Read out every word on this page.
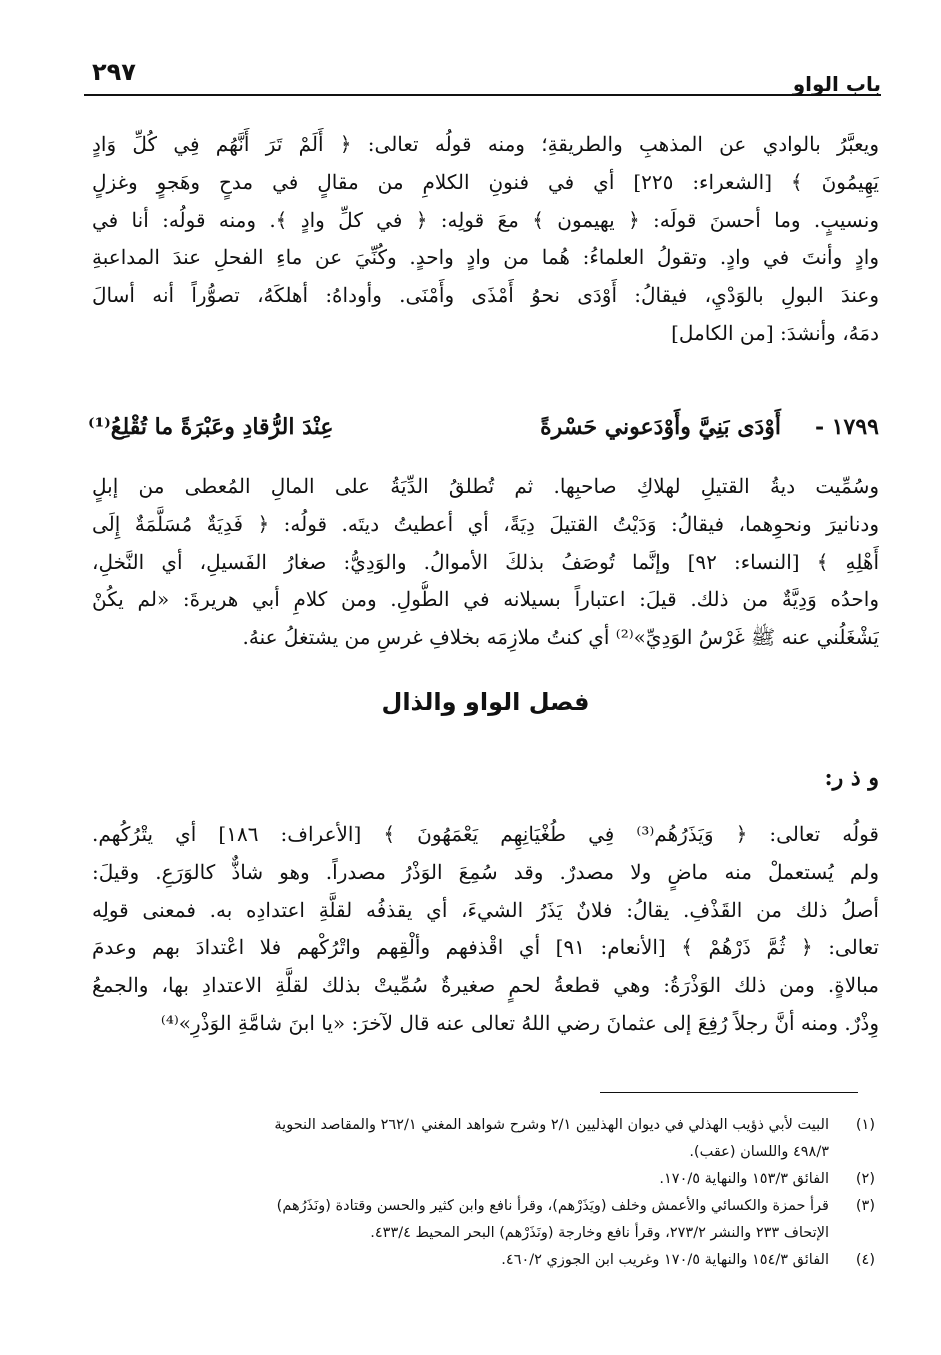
باب الواو
٢٩٧
ويعبَّرُ بالوادي عن المذهبِ والطريقةِ؛ ومنه قولُه تعالى: ﴿ أَلَمْ تَرَ أَنَّهُم فِي كُلِّ وَادٍ
يَهِيمُونَ ﴾ [الشعراء: ٢٢٥] أي في فنونِ الكلامِ من مقالٍ في مدحٍ وهَجوٍ وغزلٍ
ونسيبٍ. وما أحسنَ قولَه: ﴿ يهيمون ﴾ معَ قولِه: ﴿ في كلِّ وادٍ ﴾. ومنه قولُه: أنا في
وادٍ وأنتَ في وادٍ. وتقولُ العلماءُ: هُما من وادٍ واحدٍ. وكُنِّيَ عن ماءِ الفحلِ عندَ المداعبةِ
وعندَ البولِ بالوَدْيِ، فيقالُ: أَوْدَى نحوُ أَمْذَى وأَمْنَى. وأوداهُ: أهلكَهُ، تصوُّراً أنه أسالَ
دمَهُ، وأنشدَ: [من الكامل]
١٧٩٩ -
أَوْدَى بَنِيَّ وأَوْدَعوني حَسْرةً
عِنْدَ الرُّقادِ وعَبْرَةً ما تُقْلِعُ⁽¹⁾
وسُمِّيت ديةُ القتيلِ لهلاكِ صاحبِها. ثم تُطلقُ الدِّيَةُ على المالِ المُعطى من إبلٍ
ودنانيرَ ونحوِهما، فيقالُ: وَدَيْتُ القتيلَ دِيَةً، أي أعطيتُ ديتَه. قولُه: ﴿ فَدِيَةٌ مُسَلَّمَةٌ إِلَى
أَهْلِهِ ﴾ [النساء: ٩٢] وإنَّما تُوصَفُ بذلكَ الأموالُ. والوَدِيُّ: صغارُ الفَسيلِ، أي النَّخلِ،
واحدُه وَدِيَّةٌ من ذلك. قيلَ: اعتباراً بسيلانه في الطُّولِ. ومن كلامِ أبي هريرةَ: «لم يكُنْ
يَشْغَلُني عنه ﷺ غَرْسُ الوَدِيِّ»⁽²⁾ أي كنتُ ملازِمَه بخلافِ غرسِ من يشتغلُ عنهُ.
فصل الواو والذال
و ذ ر:
قولُه تعالى: ﴿ وَيَذَرُهُم⁽³⁾ فِي طُغْيَانِهِم يَعْمَهُونَ ﴾ [الأعراف: ١٨٦] أي يتْرُكُهم.
ولم يُستعملْ منه ماضٍ ولا مصدرٌ. وقد سُمِعَ الوَذْرُ مصدراً. وهو شاذٌّ كالوَرَعِ. وقيلَ:
أصلُ ذلك من القَذْفِ. يقالُ: فلانٌ يَذَرُ الشيءَ، أي يقذفُه لقلَّةِ اعتدادِه به. فمعنى قولِه
تعالى: ﴿ ثُمَّ ذَرْهُمْ ﴾ [الأنعام: ٩١] أي اقْذفهم وألْقِهم واتْرُكْهم فلا اعْتدادَ بهم وعدمَ
مبالاةٍ. ومن ذلك الوَذْرَةُ: وهي قطعةُ لحمٍ صغيرةٌ سُمِّيتْ بذلك لقلَّةِ الاعتدادِ بها، والجمعُ
وِذْرٌ. ومنه أنَّ رجلاً رُفِعَ إلى عثمانَ رضي اللهُ تعالى عنه قال لآخرَ: «يا ابنَ شامَّةِ الوَذْرِ»⁽⁴⁾
(١)
البيت لأبي ذؤيب الهذلي في ديوان الهذليين ٢/١ وشرح شواهد المغني ٢٦٢/١ والمقاصد النحوية
٤٩٨/٣ واللسان (عقب).
(٢)
الفائق ١٥٣/٣ والنهاية ١٧٠/٥.
(٣)
قرأ حمزة والكسائي والأعمش وخلف (ويَذَرْهم)، وقرأ نافع وابن كثير والحسن وقتادة (ونَذَرُهم)
الإتحاف ٢٣٣ والنشر ٢٧٣/٢، وقرأ نافع وخارجة (ونَذَرْهم) البحر المحيط ٤٣٣/٤.
(٤)
الفائق ١٥٤/٣ والنهاية ١٧٠/٥ وغريب ابن الجوزي ٤٦٠/٢.
